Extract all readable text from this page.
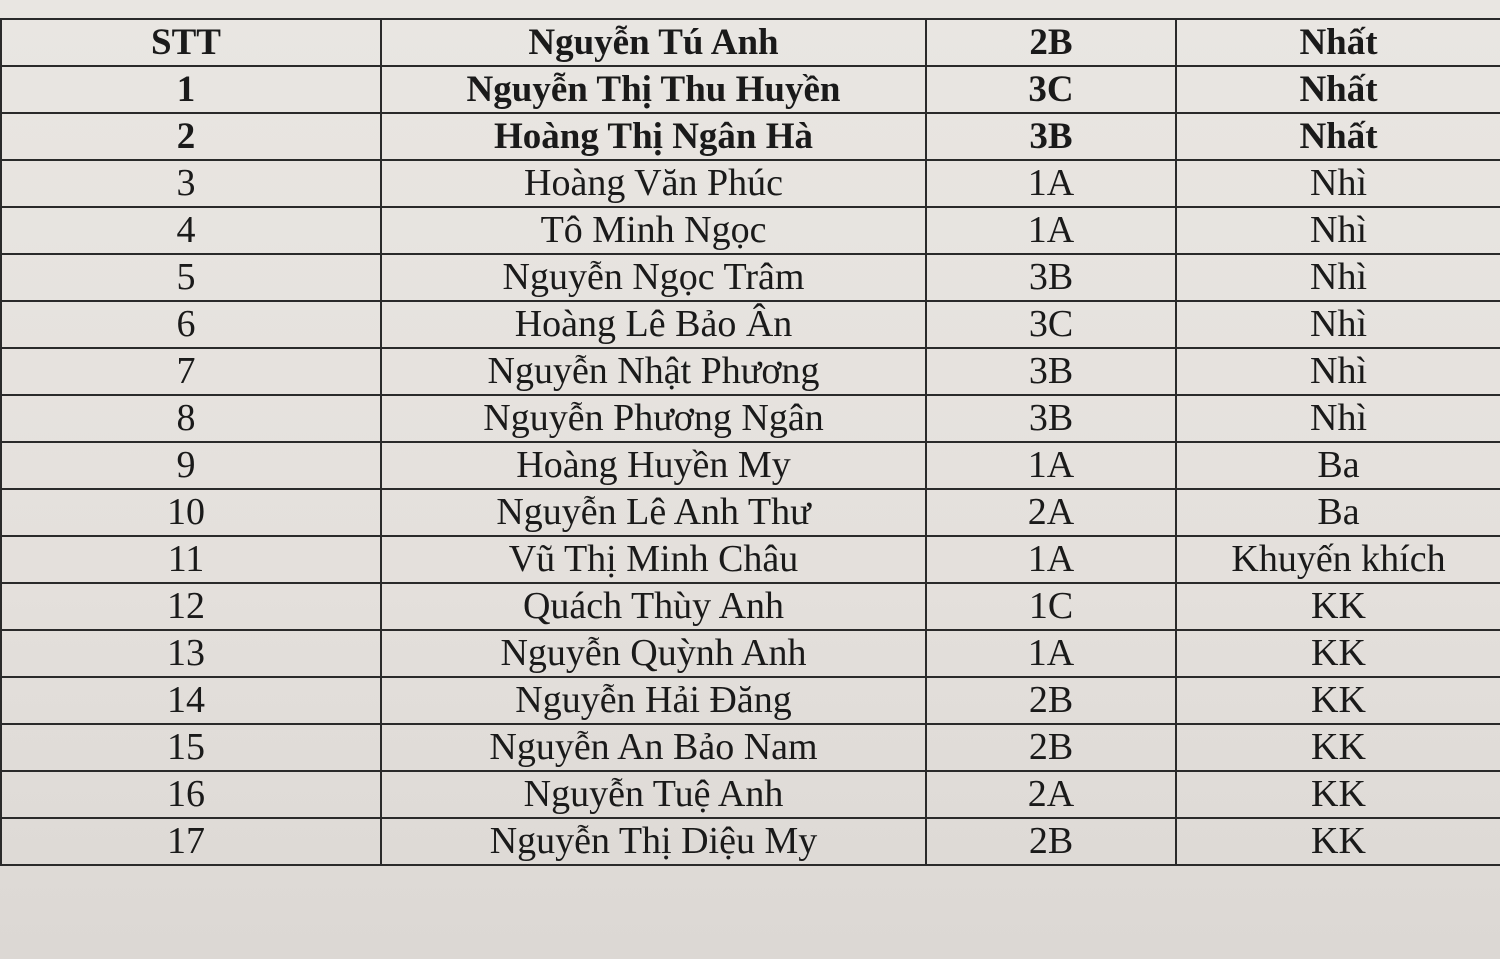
STT	Nguyễn Tú Anh	2B	Nhất
1	Nguyễn Thị Thu Huyền	3C	Nhất
2	Hoàng Thị Ngân Hà	3B	Nhất
3	Hoàng Văn Phúc	1A	Nhì
4	Tô Minh Ngọc	1A	Nhì
5	Nguyễn Ngọc Trâm	3B	Nhì
6	Hoàng Lê Bảo Ân	3C	Nhì
7	Nguyễn Nhật Phương	3B	Nhì
8	Nguyễn Phương Ngân	3B	Nhì
9	Hoàng Huyền My	1A	Ba
10	Nguyễn Lê Anh Thư	2A	Ba
11	Vũ Thị Minh Châu	1A	Khuyến khích
12	Quách Thùy Anh	1C	KK
13	Nguyễn Quỳnh Anh	1A	KK
14	Nguyễn Hải Đăng	2B	KK
15	Nguyễn An Bảo Nam	2B	KK
16	Nguyễn Tuệ Anh	2A	KK
17	Nguyễn Thị Diệu My	2B	KK
